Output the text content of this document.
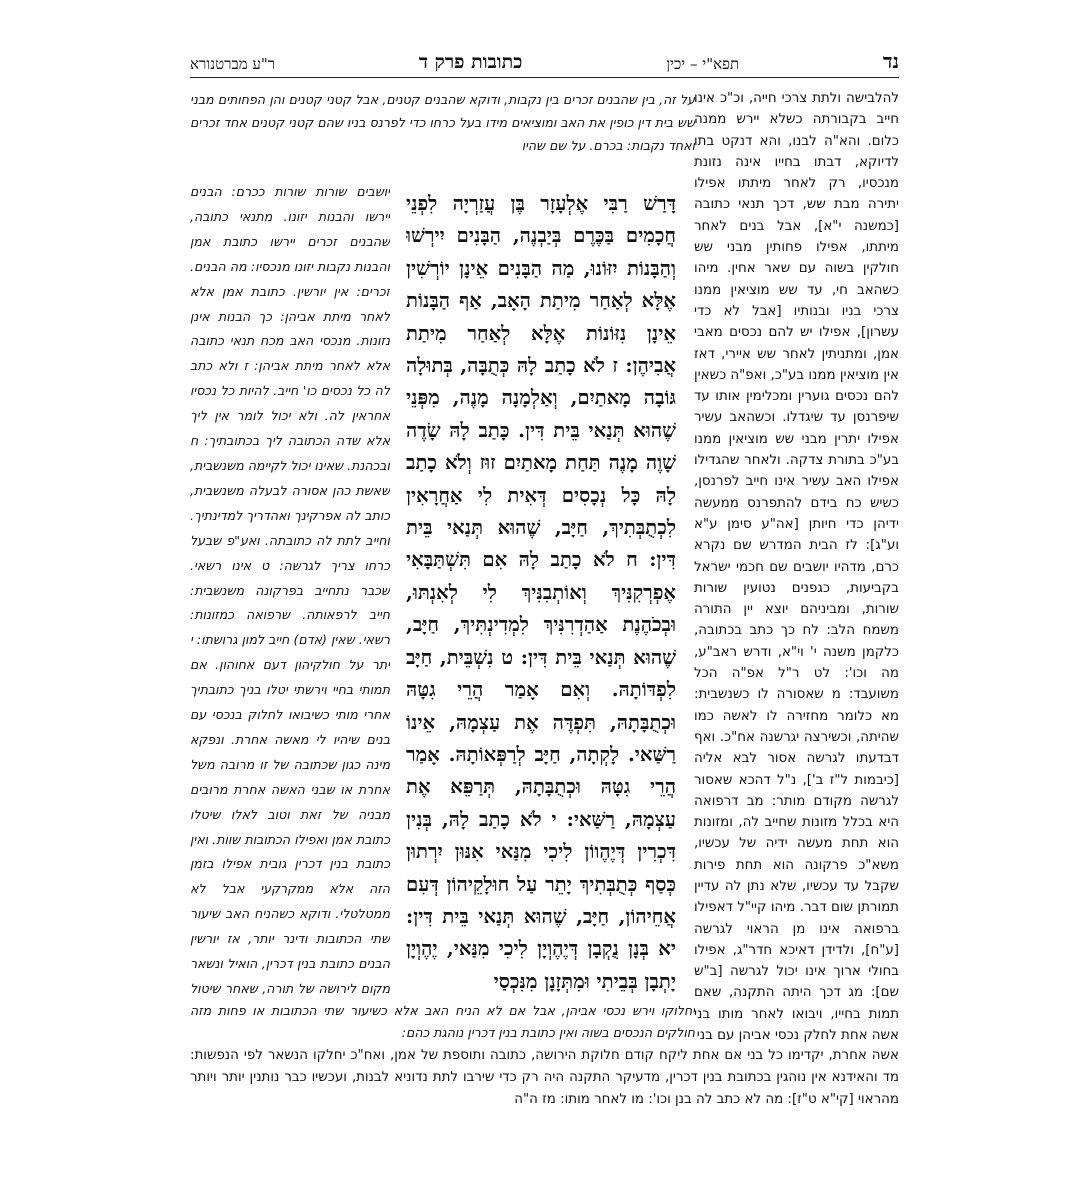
נד
תפא"י – יכין
כתובות פרק ד
ר"ע מברטנורא
להלבישה ולתת צרכי חייה, וכ"כ אינו חייב בקבורתה כשלא יירש ממנה כלום. והא"ה לבנו, והא דנקט בתו לדיוקא, דבתו בחייו אינה נזונת מנכסיו, רק לאחר מיתתו אפילו יתירה מבת שש, דכך תנאי כתובה [כמשנה י"א], אבל בנים לאחר מיתתו, אפילו פחותין מבני שש חולקין בשוה עם שאר אחין. מיהו כשהאב חי, עד שש מוציאין ממנו צרכי בניו ובנותיו [אבל לא כדי עשרון], אפילו יש להם נכסים מאבי אמן, ומתניתין לאחר שש איירי, דאז אין מוציאין ממנו בע"כ, ואפ"ה כשאין להם נכסים גוערין ומכלימין אותו עד שיפרנסן עד שיגדלו. וכשהאב עשיר אפילו יתרין מבני שש מוציאין ממנו בע"כ בתורת צדקה. ולאחר שהגדילו אפילו האב עשיר אינו חייב לפרנסן, כשיש כח בידם להתפרנס ממעשה ידיהן כדי חיותן [אה"ע סימן ע"א וע"ג]: לז הבית המדרש שם נקרא כרם, מדהיו יושבים שם חכמי ישראל בקביעות, כגפנים נטועין שורות שורות, ומביניהם יוצא יין התורה משמח הלב: לח כך כתב בכתובה, כלקמן משנה י' וי"א, ודרש ראב"ע, מה וכו': לט ר"ל אפ"ה הכל משועבד: מ שאסורה לו כשנשבית: מא כלומר מחזירה לו לאשה כמו שהיתה, וכשירצה יגרשנה אח"כ. ואף דבדעתו לגרשה אסור לבא אליה [כיבמות ל"ז ב'], נ"ל דהכא שאסור לגרשה מקודם מותר: מב דרפואה היא בכלל מזונות שחייב לה, ומזונות הוא תחת מעשה ידיה של עכשיו, משא"כ פרקונה הוא תחת פירות שקבל עד עכשיו, שלא נתן לה עדיין תמורתן שום דבר. מיהו קיי"ל דאפילו ברפואה אינו מן הראוי לגרשה [ע"ח], ולדידן דאיכא חדר"ג, אפילו בחולי ארוך אינו יכול לגרשה [ב"ש שם]: מג דכך היתה התקנה, שאם תמות בחייו, ויבואו לאחר מותו בני אשה אחת לחלק נכסי אביהן עם בני
דָּרַשׁ רַבִּי אֶלְעָזָר בֶּן עֲזַרְיָה לִפְנֵי חֲכָמִים בַּכֶּרֶם בְּיַבְנֶה, הַבָּנִים יִירְשׁוּ וְהַבָּנוֹת יִזּוֹנוּ, מַה הַבָּנִים אֵינָן יוֹרְשִׁין אֶלָּא לְאַחַר מִיתַת הָאָב, אַף הַבָּנוֹת אֵינָן נִזּוֹנוֹת אֶלָּא לְאַחַר מִיתַת אֲבִיהֶן: ז לֹא כָתַב לָהּ כְּתֻבָּה, בְּתוּלָה גּוֹבָה מָאתַיִם, וְאַלְמָנָה מָנֶה, מִפְּנֵי שֶׁהוּא תְּנַאי בֵּית דִּין. כָּתַב לָהּ שָׂדֶה שָׁוֶה מָנֶה תַּחַת מָאתַיִם זוּז וְלֹא כָתַב לָהּ כָּל נְכָסִים דְּאִית לִי אַחֲרָאִין לִכְתֻבְּתִיךְ, חַיָּב, שֶׁהוּא תְּנַאי בֵּית דִּין: ח לֹא כָתַב לָהּ אִם תִּשְׁתַּבָּאִי אֶפְרְקִנִּיךְ וְאוֹתְבִנִּיךְ לִי לְאִנְתּוּ, וּבְכֹהֶנֶת אַהַדְרִנִּיךְ לִמְדִינְתִּיךְ, חַיָּב, שֶׁהוּא תְּנַאי בֵּית דִּין: ט נִשְׁבֵּית, חַיָּב לִפְדּוֹתָהּ. וְאִם אָמַר הֲרֵי גִטָּהּ וּכְתֻבָּתָהּ, תִּפְדֶּה אֶת עַצְמָהּ, אֵינוֹ רַשַּׁאי. לָקְתָה, חַיָּב לְרַפְּאוֹתָהּ. אָמַר הֲרֵי גִטָּהּ וּכְתֻבָּתָהּ, תְּרַפֵּא אֶת עַצְמָהּ, רַשַּׁאי: י לֹא כָתַב לָהּ, בְּנִין דִּכְרִין דְּיֶהֶווֹן לִיכִי מִנַּאי אִנּוּן יִרְתוּן כְּסַף כְּתֻבְּתִיךְ יָתֵר עַל חוּלָקֵיהוֹן דְּעִם אֲחֵיהוֹן, חַיָּב, שֶׁהוּא תְּנַאי בֵּית דִּין: יא בְּנָן נֻקְבָן דְּיֶהֶוְיָן לִיכִי מִנַּאי, יֶהֶוְיָן יָתְבָן בְּבֵיתִי וּמִתְּזָנָן מִנִּכְסַי
על זה, בין שהבנים זכרים בין נקבות, ודוקא שהבנים קטנים, אבל קטני קטנים והן הפחותים מבני שש בית דין כופין את האב ומוציאים מידו בעל כרחו כדי לפרנס בניו שהם קטני קטנים אחד זכרים ואחד נקבות: בכרם. על שם שהיו
יושבים שורות שורות ככרם: הבנים יירשו והבנות יזונו. מתנאי כתובה, שהבנים זכרים יירשו כתובת אמן והבנות נקבות יזונו מנכסיו: מה הבנים. זכרים: אין יורשין. כתובת אמן אלא לאחר מיתת אביהן: כך הבנות אינן נזונות. מנכסי האב מכח תנאי כתובה אלא לאחר מיתת אביהן: ז ולא כתב לה כל נכסים כו' חייב. להיות כל נכסיו אחראין לה. ולא יכול לומר אין ליך אלא שדה הכתובה ליך בכתובתיך: ח ובכהנת. שאינו יכול לקיימה משנשבית, שאשת כהן אסורה לבעלה משנשבית, כותב לה אפרקינך ואהדריך למדינתיך. וחייב לתת לה כתובתה. ואע"פ שבעל כרחו צריך לגרשה: ט אינו רשאי. שכבר נתחייב בפרקונה משנשבית: חייב לרפאותה. שרפואה כמזונות: רשאי. שאין (אדם) חייב למון גרושתו: י יתר על חולקיהון דעם אחוהון. אם תמותי בחיי וירשתי יטלו בניך כתובתיך אחרי מותי כשיבואו לחלוק בנכסי עם בנים שיהיו לי מאשה אחרת. ונפקא מינה כגון שכתובה של זו מרובה משל אחרת או שבני האשה אחרת מרובים מבניה של זאת וטוב לאלו שיטלו כתובת אמן ואפילו הכתובות שוות. ואין כתובת בנין דכרין גובית אפילו בזמן הזה אלא ממקרקעי אבל לא ממטלטלי. ודוקא כשהניח האב שיעור שתי הכתובות ודינר יותר, אז יורשין הבנים כתובת בנין דכרין, הואיל ונשאר מקום לירושה של תורה, שאחר שיטול
יחלוקו וירש נכסי אביהן, אבל אם לא הניח האב אלא כשיעור שתי הכתובות או פחות מזה חולקים הנכסים בשוה ואין כתובת בנין דכרין נוהגת כהם:
אשה אחרת, יקדימו כל בני אם אחת ליקח קודם חלוקת הירושה, כתובה ותוספת של אמן, ואח"כ יחלקו הנשאר לפי הנפשות: מד והאידנא אין נוהגין בכתובת בנין דכרין, מדעיקר התקנה היה רק כדי שירבו לתת נדוניא לבנות, ועכשיו כבר נותנין יותר ויותר מהראוי [קי"א ט"ז]: מה לא כתב לה בנן וכו': מו לאחר מותו: מז ה"ה
